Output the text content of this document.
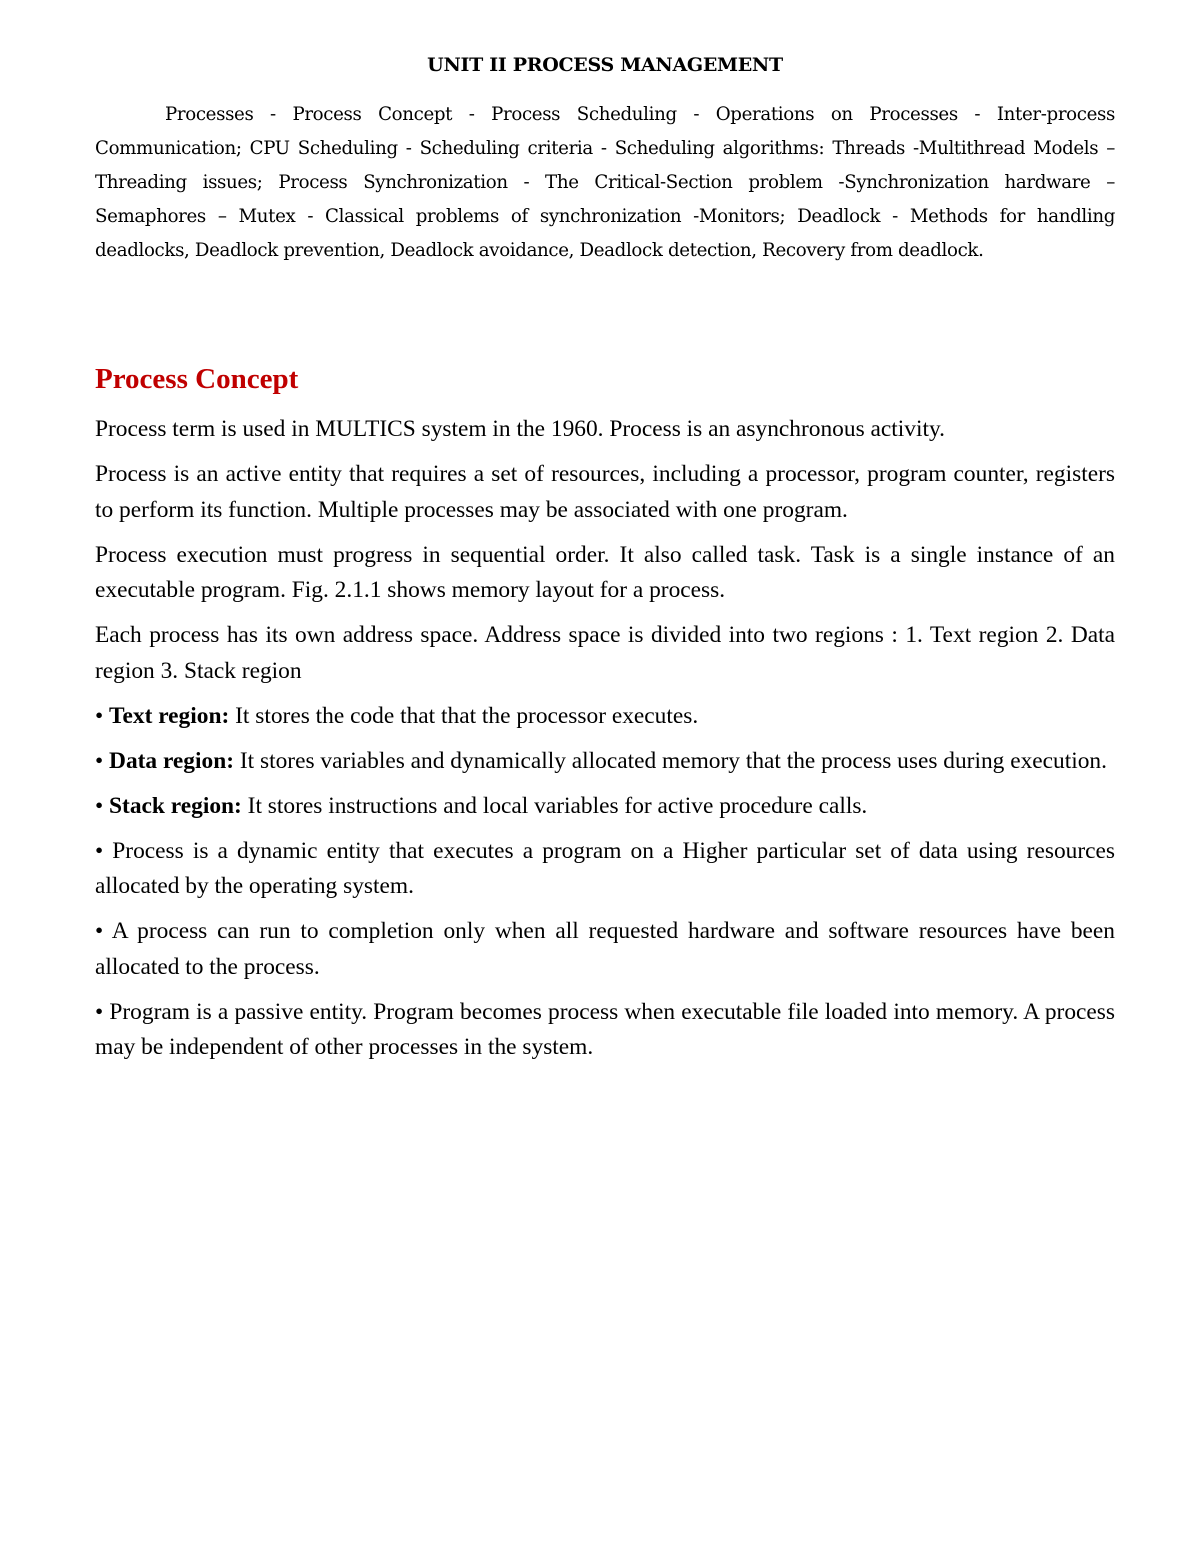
UNIT II PROCESS MANAGEMENT

Processes - Process Concept - Process Scheduling - Operations on Processes - Inter-process Communication; CPU Scheduling - Scheduling criteria - Scheduling algorithms: Threads -Multithread Models – Threading issues; Process Synchronization - The Critical-Section problem -Synchronization hardware – Semaphores – Mutex - Classical problems of synchronization -Monitors; Deadlock - Methods for handling deadlocks, Deadlock prevention, Deadlock avoidance, Deadlock detection, Recovery from deadlock.

Process Concept

Process term is used in MULTICS system in the 1960. Process is an asynchronous activity.

Process is an active entity that requires a set of resources, including a processor, program counter, registers to perform its function. Multiple processes may be associated with one program.

Process execution must progress in sequential order. It also called task. Task is a single instance of an executable program. Fig. 2.1.1 shows memory layout for a process.

Each process has its own address space. Address space is divided into two regions : 1. Text region 2. Data region 3. Stack region

• Text region: It stores the code that that the processor executes.

• Data region: It stores variables and dynamically allocated memory that the process uses during execution.

• Stack region: It stores instructions and local variables for active procedure calls.

• Process is a dynamic entity that executes a program on a Higher particular set of data using resources allocated by the operating system.

• A process can run to completion only when all requested hardware and software resources have been allocated to the process.

• Program is a passive entity. Program becomes process when executable file loaded into memory. A process may be independent of other processes in the system.
